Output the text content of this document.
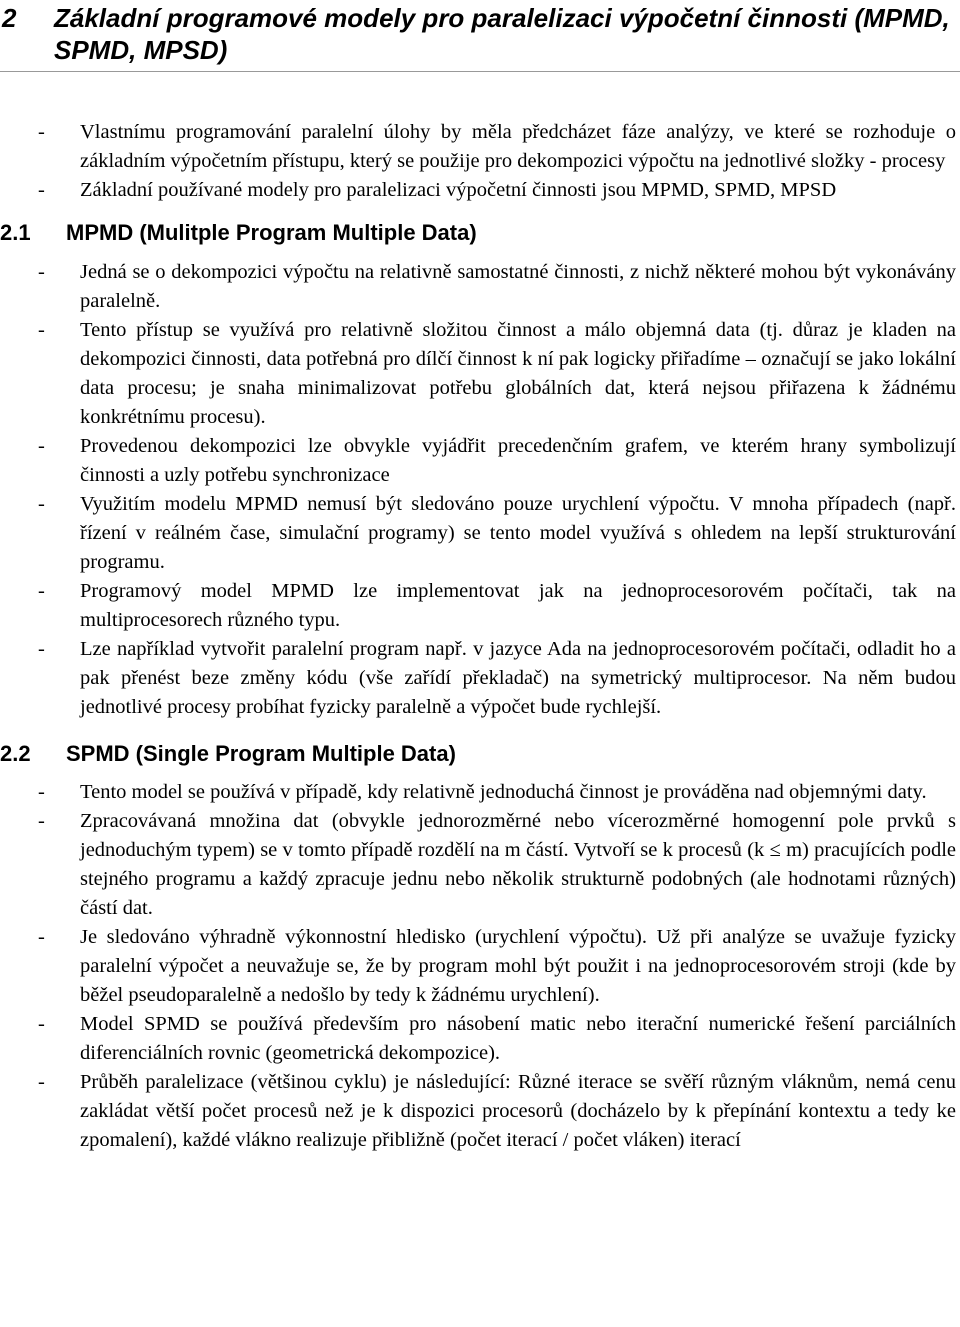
2	Základní programové modely pro paralelizaci výpočetní činnosti (MPMD, SPMD, MPSD)
-	Vlastnímu programování paralelní úlohy by měla předcházet fáze analýzy, ve které se rozhoduje o základním výpočetním přístupu, který se použije pro dekompozici výpočtu na jednotlivé složky - procesy
-	Základní používané modely pro paralelizaci výpočetní činnosti jsou MPMD, SPMD, MPSD
2.1	MPMD (Mulitple Program Multiple Data)
-	Jedná se o dekompozici výpočtu na relativně samostatné činnosti, z nichž některé mohou být vykonávány paralelně.
-	Tento přístup se využívá pro relativně složitou činnost a málo objemná data (tj. důraz je kladen na dekompozici činnosti, data potřebná pro dílčí činnost k ní pak logicky přiřadíme – označují se jako lokální data procesu; je snaha minimalizovat potřebu globálních dat, která nejsou přiřazena k žádnému konkrétnímu procesu).
-	Provedenou dekompozici lze obvykle vyjádřit precedenčním grafem, ve kterém hrany symbolizují činnosti a uzly potřebu synchronizace
-	Využitím modelu MPMD nemusí být sledováno pouze urychlení výpočtu. V mnoha případech (např. řízení v reálném čase, simulační programy) se tento model využívá s ohledem na lepší strukturování programu.
-	Programový model MPMD lze implementovat jak na jednoprocesorovém počítači, tak na multiprocesorech různého typu.
-	Lze například vytvořit paralelní program např. v jazyce Ada na jednoprocesorovém počítači, odladit ho a pak přenést beze změny kódu (vše zařídí překladač) na symetrický multiprocesor. Na něm budou jednotlivé procesy probíhat fyzicky paralelně a výpočet bude rychlejší.
2.2	SPMD (Single Program Multiple Data)
-	Tento model se používá v případě, kdy relativně jednoduchá činnost je prováděna nad objemnými daty.
-	Zpracovávaná množina dat (obvykle jednorozměrné nebo vícerozměrné homogenní pole prvků s jednoduchým typem) se v tomto případě rozdělí na m částí. Vytvoří se k procesů (k ≤ m) pracujících podle stejného programu a každý zpracuje jednu nebo několik strukturně podobných (ale hodnotami různých) částí dat.
-	Je sledováno výhradně výkonnostní hledisko (urychlení výpočtu). Už při analýze se uvažuje fyzicky paralelní výpočet a neuvažuje se, že by program mohl být použit i na jednoprocesorovém stroji (kde by běžel pseudoparalelně a nedošlo by tedy k žádnému urychlení).
-	Model SPMD se používá především pro násobení matic nebo iterační numerické řešení parciálních diferenciálních rovnic (geometrická dekompozice).
-	Průběh paralelizace (většinou cyklu) je následující: Různé iterace se svěří různým vláknům, nemá cenu zakládat větší počet procesů než je k dispozici procesorů (docházelo by k přepínání kontextu a tedy ke zpomalení), každé vlákno realizuje přibližně (počet iterací / počet vláken) iterací
